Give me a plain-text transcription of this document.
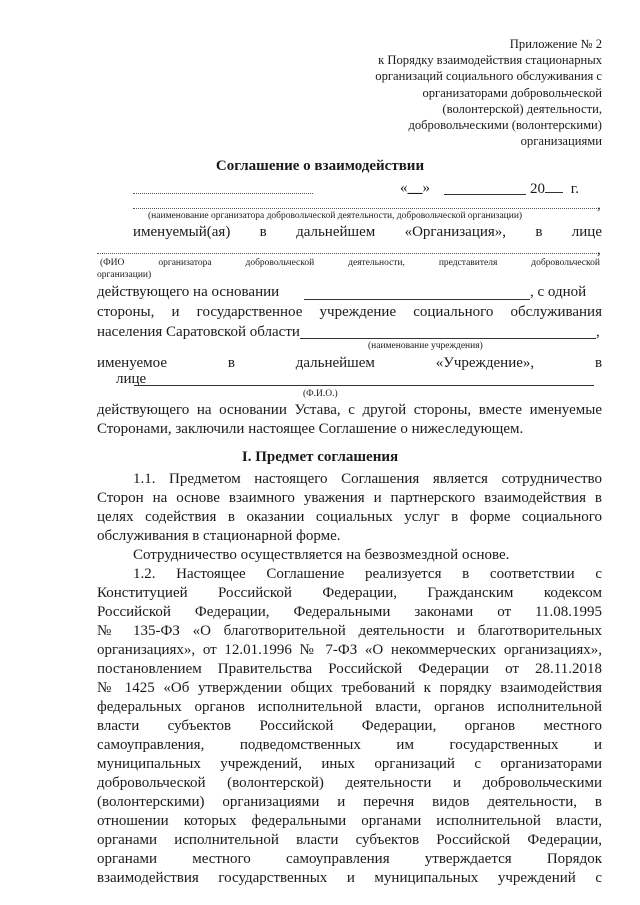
Приложение № 2
к Порядку взаимодействия стационарных
организаций социального обслуживания с
организаторами добровольческой
(волонтерской) деятельности,
добровольческими (волонтерскими)
организациями
Соглашение о взаимодействии
«__»	20 г.
,
(наименование организатора добровольческой деятельности, добровольческой организации)
именуемый(ая) в дальнейшем «Организация», в лице
,
(ФИО	организатора	добровольческой	деятельности,	представителя	добровольческой
организации)
действующего на основании	, с одной
стороны, и государственное учреждение социального обслуживания
населения Саратовской области	,
(наименование учреждения)
именуемое	в	дальнейшем	«Учреждение»,	в
лице
(Ф.И.О.)
действующего на основании Устава, с другой стороны, вместе именуемые
Сторонами, заключили настоящее Соглашение о нижеследующем.
I. Предмет соглашения
1.1. Предметом настоящего Соглашения является сотрудничество
Сторон на основе взаимного уважения и партнерского взаимодействия в
целях содействия в оказании социальных услуг в форме социального
обслуживания в стационарной форме.
Сотрудничество осуществляется на безвозмездной основе.
1.2. Настоящее Соглашение реализуется в соответствии с
Конституцией Российской Федерации, Гражданским кодексом
Российской Федерации, Федеральными законами от 11.08.1995
№ 135-ФЗ «О благотворительной деятельности и благотворительных
организациях», от 12.01.1996 № 7-ФЗ «О некоммерческих организациях»,
постановлением Правительства Российской Федерации от 28.11.2018
№ 1425 «Об утверждении общих требований к порядку взаимодействия
федеральных органов исполнительной власти, органов исполнительной
власти субъектов Российской Федерации, органов местного
самоуправления, подведомственных им государственных и
муниципальных учреждений, иных организаций с организаторами
добровольческой (волонтерской) деятельности и добровольческими
(волонтерскими) организациями и перечня видов деятельности, в
отношении которых федеральными органами исполнительной власти,
органами исполнительной власти субъектов Российской Федерации,
органами местного самоуправления утверждается Порядок
взаимодействия государственных и муниципальных учреждений с
